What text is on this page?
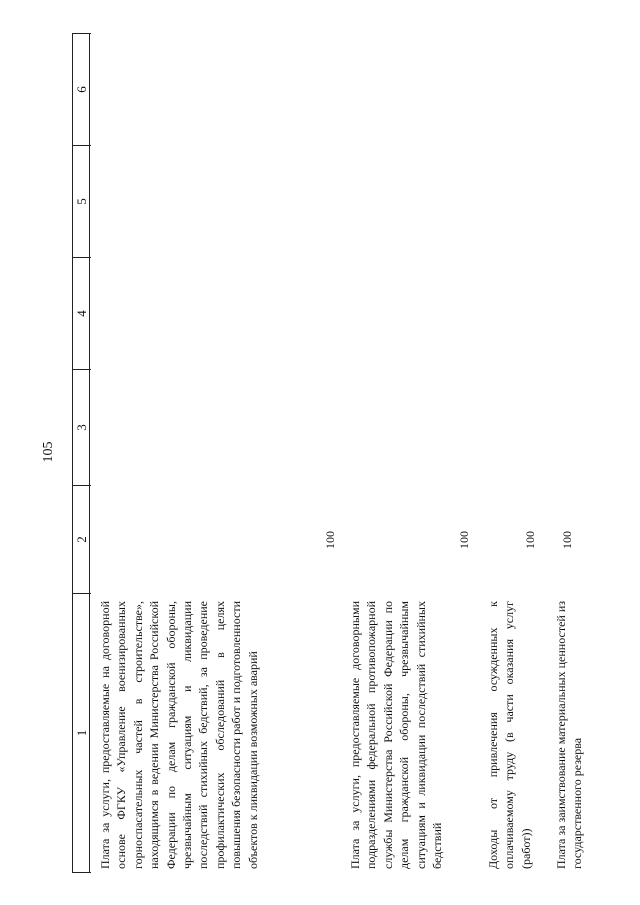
105
1
2
3
4
5
6
Плата за услуги, предоставляемые на договорной основе ФГКУ «Управление военизированных горноспасательных частей в строительстве», находящимся в ведении Министерства Российской Федерации по делам гражданской обороны, чрезвычайным ситуациям и ликвидации последствий стихийных бедствий, за проведение профилактических обследований в целях повышения безопасности работ и подготовленности объектов к ликвидации возможных аварий
100
Плата за услуги, предоставляемые договорными подразделениями федеральной противопожарной службы Министерства Российской Федерации по делам гражданской обороны, чрезвычайным ситуациям и ликвидации последствий стихийных бедствий
100
Доходы от привлечения осужденных к оплачиваемому труду (в части оказания услуг (работ))
100
Плата за заимствование материальных ценностей из государственного резерва
100
